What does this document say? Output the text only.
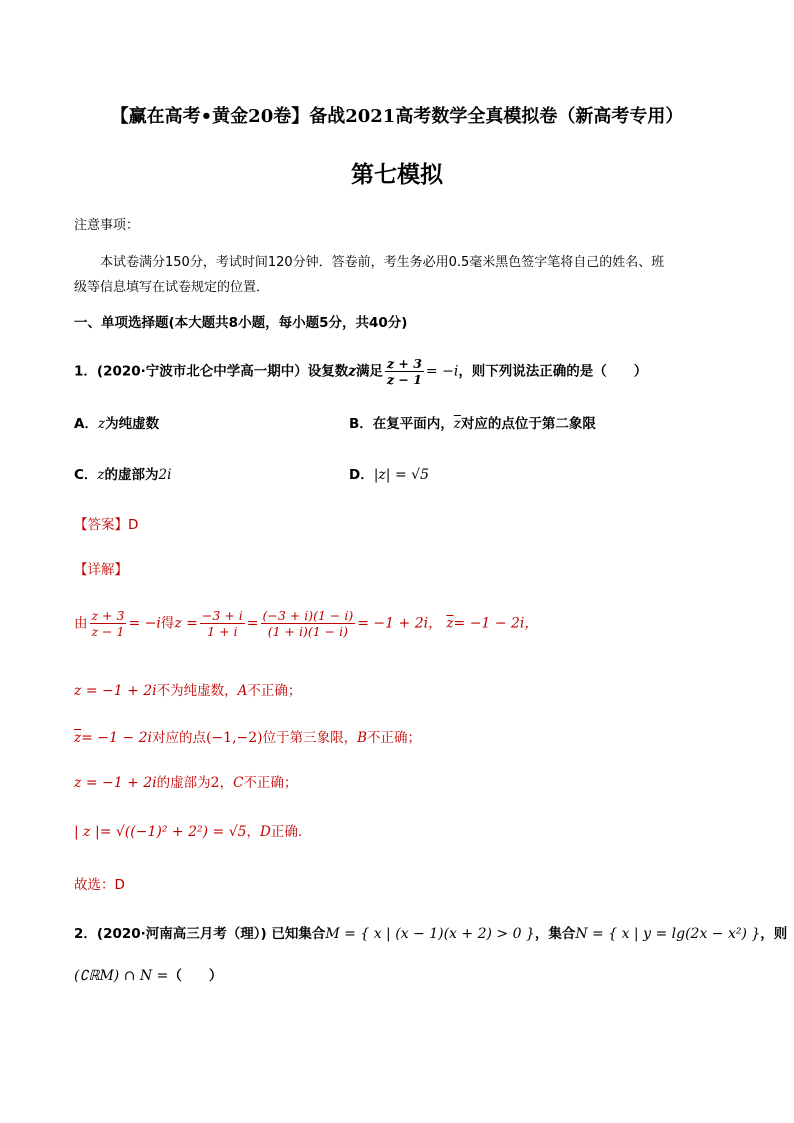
【赢在高考•黄金20卷】备战2021高考数学全真模拟卷（新高考专用）
第七模拟
注意事项：
本试卷满分150分，考试时间120分钟．答卷前，考生务必用0.5毫米黑色签字笔将自己的姓名、班
级等信息填写在试卷规定的位置．
一、单项选择题(本大题共8小题，每小题5分，共40分)
1．(2020·宁波市北仑中学高一期中）设复数z满足 $\frac{z + 3}{z - 1} = -i$，则下列说法正确的是（　　）
A．z为纯虚数	B．在复平面内，$\overline{z}$对应的点位于第二象限
C．z的虚部为2i	D．|z| = √5
【答案】D
【详解】
由 $\frac{z + 3}{z - 1} = -i$得$z = \frac{-3 + i}{1 + i} = \frac{(-3 + i)(1 - i)}{(1 + i)(1 - i)} = -1 + 2i$， $\overline{z}= -1 - 2i$，
z = −1 + 2i不为纯虚数，A不正确；
$\overline{z}= -1 - 2i$对应的点(−1,−2)位于第三象限，B不正确；
z = −1 + 2i的虚部为2，C不正确；
| z |= √((−1)² + 2²) = √5，D正确.
故选：D
2．(2020·河南高三月考（理）) 已知集合M = { x | (x − 1)(x + 2) > 0 }，集合N = { x | y = lg(2x − x²) }，则
(∁ℝM) ∩ N =（　　）
